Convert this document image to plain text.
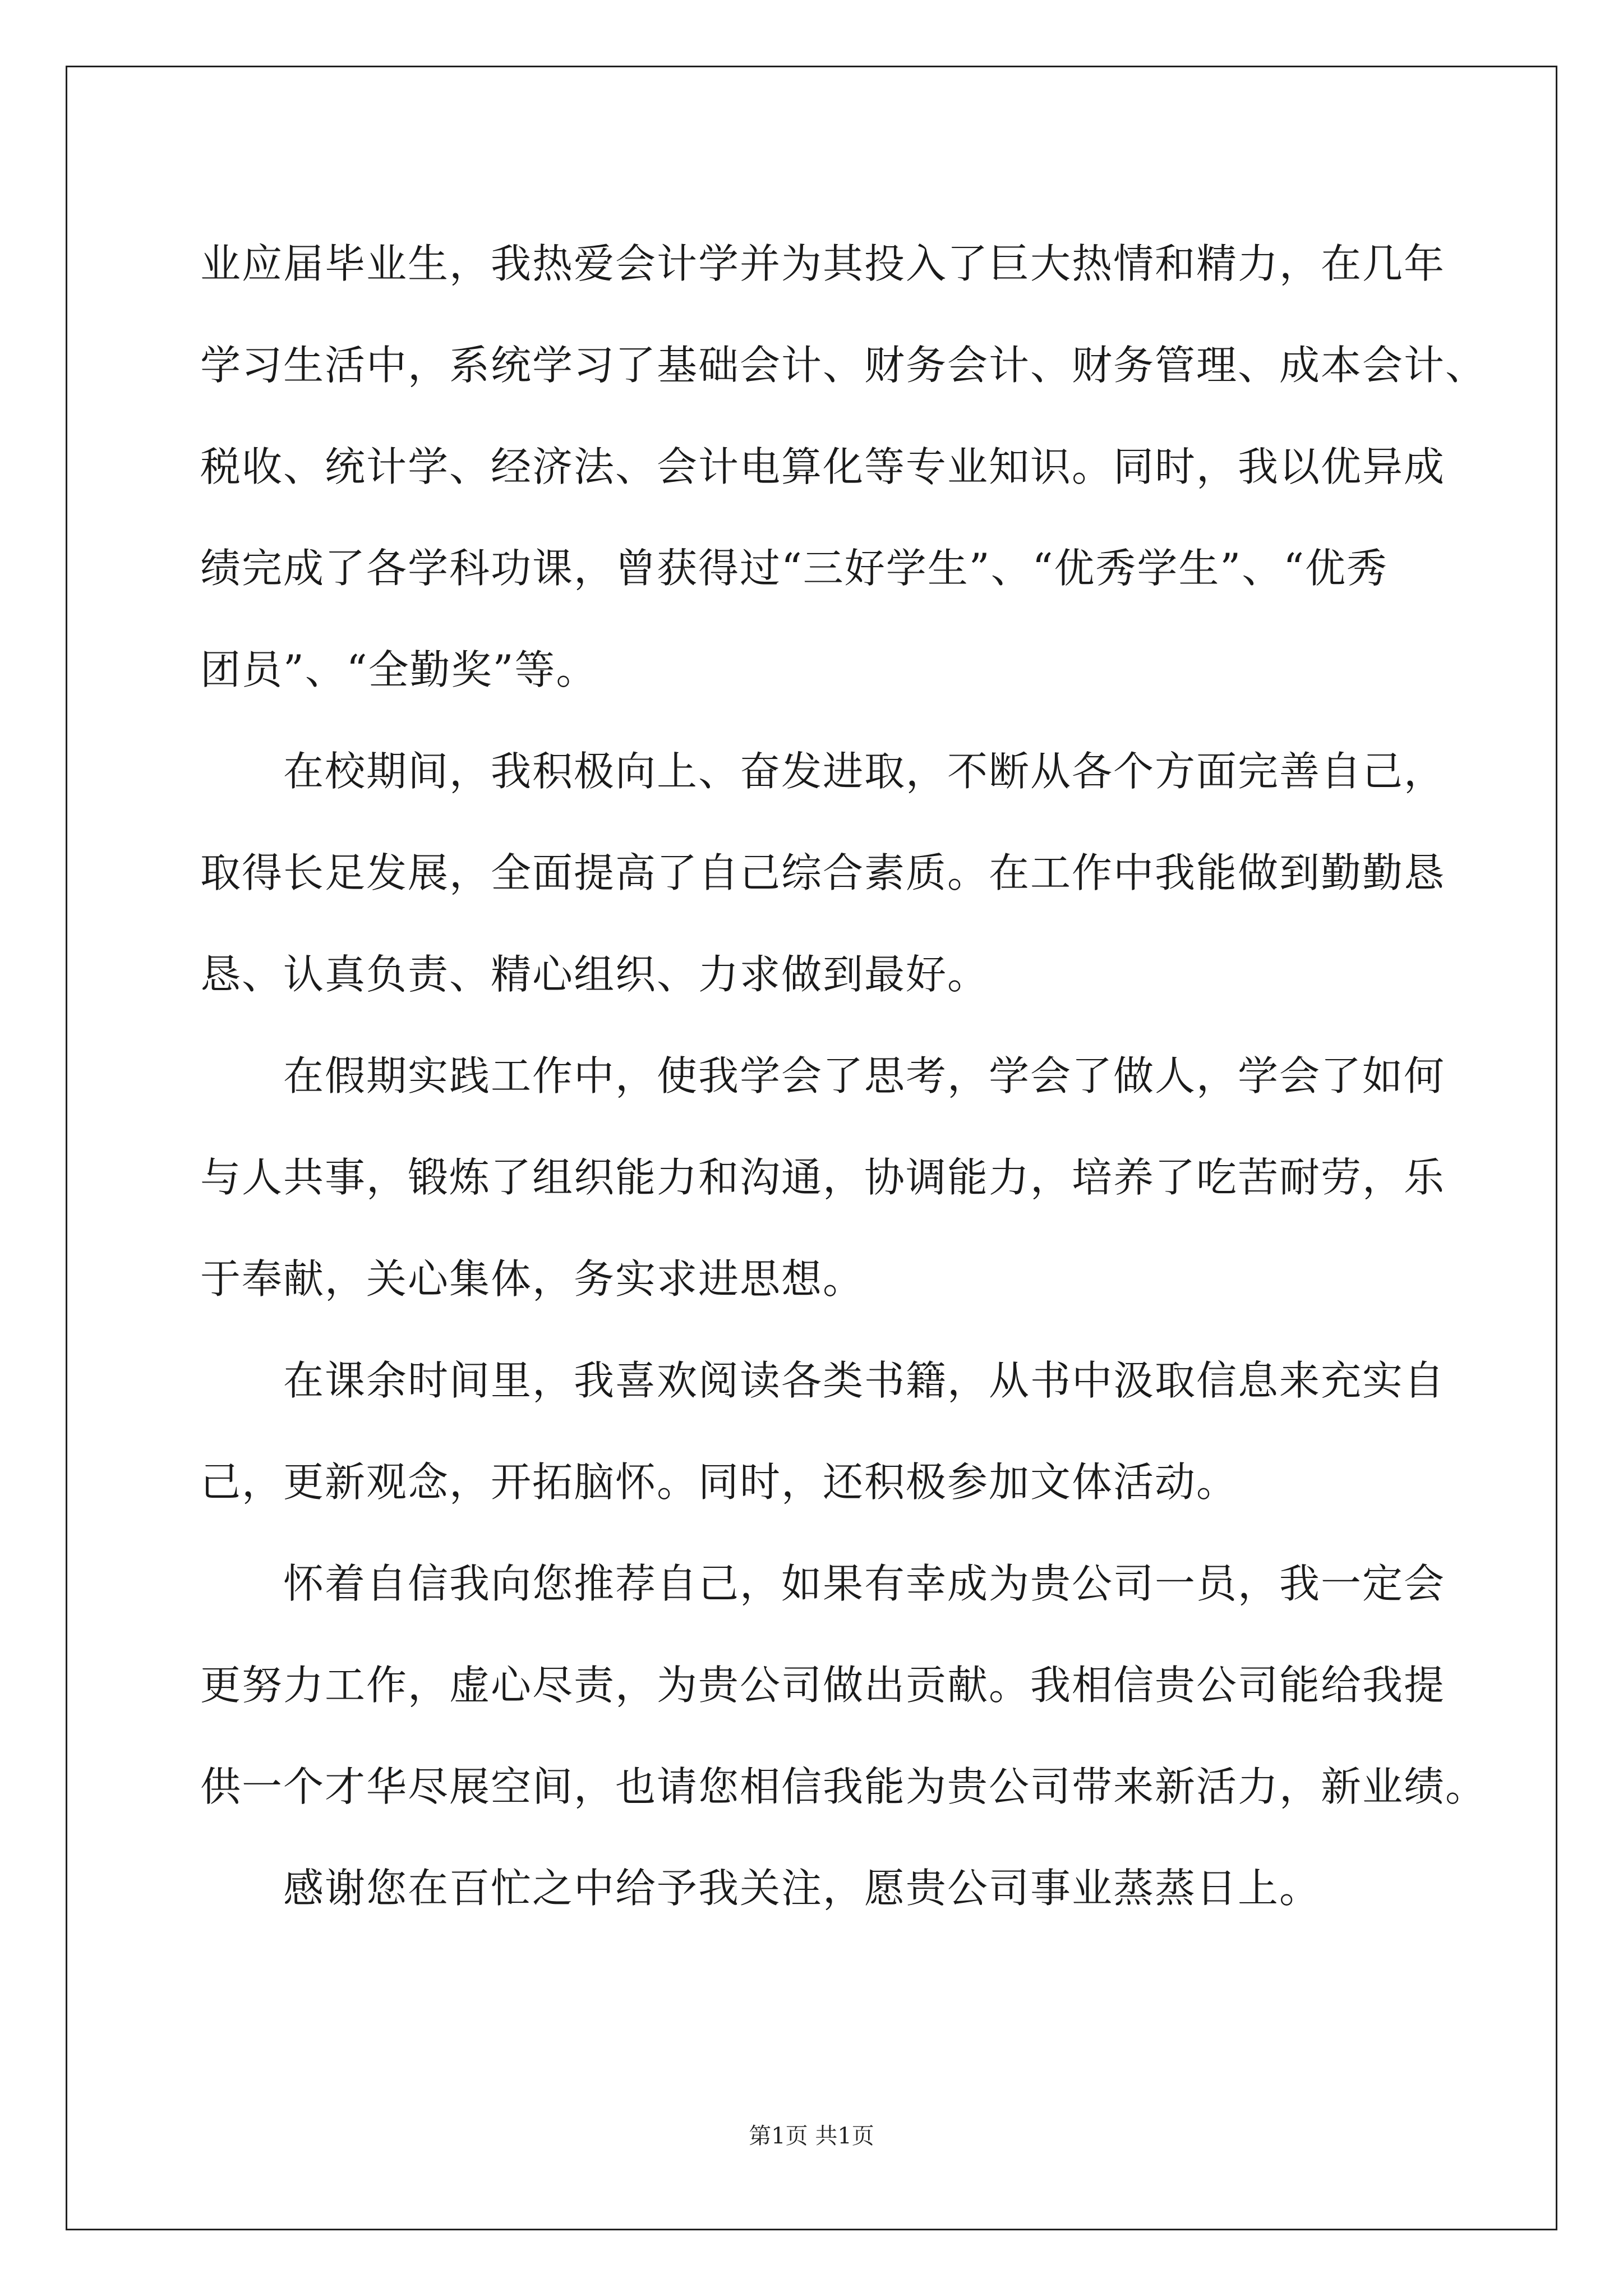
业应届毕业生，我热爱会计学并为其投入了巨大热情和精力，在几年
学习生活中，系统学习了基础会计、财务会计、财务管理、成本会计、
税收、统计学、经济法、会计电算化等专业知识。同时，我以优异成
绩完成了各学科功课，曾获得过“三好学生”、“优秀学生”、“优秀
团员”、“全勤奖”等。
在校期间，我积极向上、奋发进取，不断从各个方面完善自己，
取得长足发展，全面提高了自己综合素质。在工作中我能做到勤勤恳
恳、认真负责、精心组织、力求做到最好。
在假期实践工作中，使我学会了思考，学会了做人，学会了如何
与人共事，锻炼了组织能力和沟通，协调能力，培养了吃苦耐劳，乐
于奉献，关心集体，务实求进思想。
在课余时间里，我喜欢阅读各类书籍，从书中汲取信息来充实自
己，更新观念，开拓脑怀。同时，还积极参加文体活动。
怀着自信我向您推荐自己，如果有幸成为贵公司一员，我一定会
更努力工作，虚心尽责，为贵公司做出贡献。我相信贵公司能给我提
供一个才华尽展空间，也请您相信我能为贵公司带来新活力，新业绩。
感谢您在百忙之中给予我关注，愿贵公司事业蒸蒸日上。
第1页 共1页
